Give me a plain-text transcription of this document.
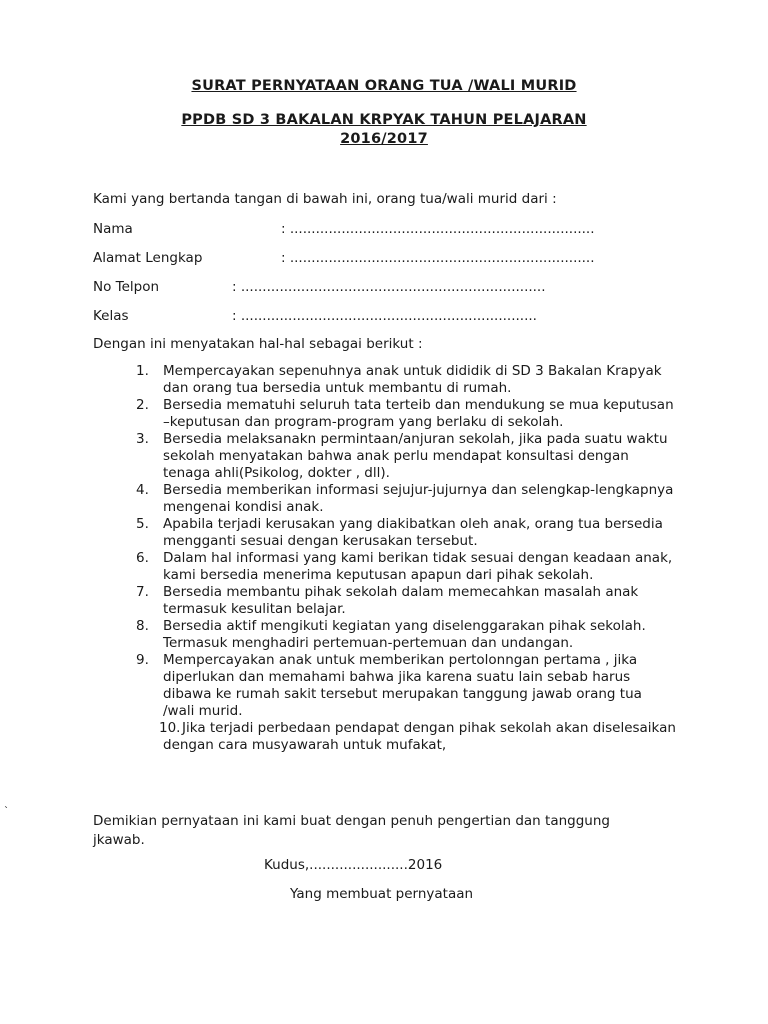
SURAT PERNYATAAN ORANG TUA /WALI MURID
PPDB SD 3 BAKALAN KRPYAK TAHUN PELAJARAN
2016/2017
Kami yang bertanda tangan di bawah ini, orang tua/wali murid dari :
Nama	: .......................................................................
Alamat Lengkap	: .......................................................................
No Telpon	: .......................................................................
Kelas	: .....................................................................
Dengan ini menyatakan hal-hal sebagai berikut :
1. Mempercayakan sepenuhnya anak untuk dididik di SD 3 Bakalan Krapyak dan orang tua bersedia untuk membantu di rumah.
2. Bersedia mematuhi seluruh tata terteib dan mendukung se mua keputusan –keputusan dan program-program yang berlaku di sekolah.
3. Bersedia melaksanakn permintaan/anjuran sekolah, jika pada suatu waktu sekolah menyatakan bahwa anak perlu mendapat konsultasi dengan tenaga ahli(Psikolog, dokter , dll).
4. Bersedia memberikan informasi sejujur-jujurnya dan selengkap-lengkapnya mengenai kondisi anak.
5. Apabila terjadi kerusakan yang diakibatkan oleh anak, orang tua bersedia mengganti sesuai dengan kerusakan tersebut.
6. Dalam hal informasi yang kami berikan tidak sesuai dengan keadaan anak, kami bersedia menerima keputusan apapun dari pihak sekolah.
7. Bersedia membantu pihak sekolah dalam memecahkan masalah anak termasuk kesulitan belajar.
8. Bersedia aktif mengikuti kegiatan yang diselenggarakan pihak sekolah. Termasuk menghadiri pertemuan-pertemuan dan undangan.
9. Mempercayakan anak untuk memberikan pertolonngan pertama , jika diperlukan dan memahami bahwa jika karena suatu lain sebab harus dibawa ke rumah sakit tersebut merupakan tanggung jawab orang tua /wali murid.
10. Jika terjadi perbedaan pendapat dengan pihak sekolah akan diselesaikan dengan cara musyawarah untuk mufakat,
`
Demikian pernyataan ini kami buat dengan penuh pengertian dan tanggung jkawab.
Kudus,.......................2016
Yang membuat pernyataan
